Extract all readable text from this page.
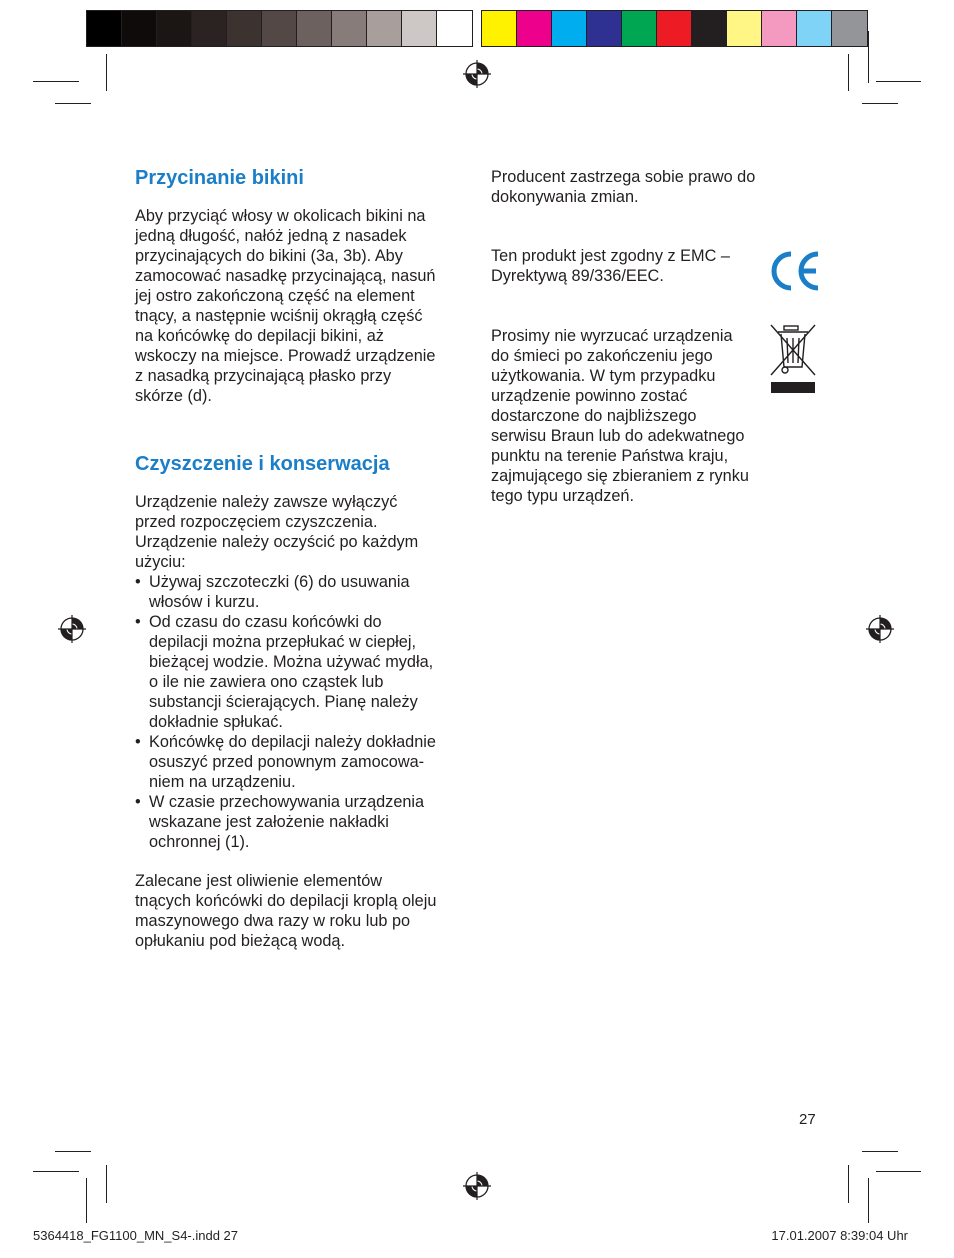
Przycinanie bikini
Aby przyciąć włosy w okolicach bikini na
jedną długość, nałóż jedną z nasadek
przycinających do bikini (3a, 3b). Aby
zamocować nasadkę przycinającą, nasuń
jej ostro zakończoną część na element
tnący, a następnie wciśnij okrągłą część
na końcówkę do depilacji bikini, aż
wskoczy na miejsce. Prowadź urządzenie
z nasadką przycinającą płasko przy
skórze (d).
Czyszczenie i konserwacja
Urządzenie należy zawsze wyłączyć
przed rozpoczęciem czyszczenia.
Urządzenie należy oczyścić po każdym
użyciu:
• Używaj szczoteczki (6) do usuwania
włosów i kurzu.
• Od czasu do czasu końcówki do
depilacji można przepłukać w ciepłej,
bieżącej wodzie. Można używać mydła,
o ile nie zawiera ono cząstek lub
substancji ścierających. Pianę należy
dokładnie spłukać.
• Końcówkę do depilacji należy dokładnie
osuszyć przed ponownym zamocowa-
niem na urządzeniu.
• W czasie przechowywania urządzenia
wskazane jest założenie nakładki
ochronnej (1).
Zalecane jest oliwienie elementów
tnących końcówki do depilacji kroplą oleju
maszynowego dwa razy w roku lub po
opłukaniu pod bieżącą wodą.
Producent zastrzega sobie prawo do
dokonywania zmian.
Ten produkt jest zgodny z EMC –
Dyrektywą 89/336/EEC.
Prosimy nie wyrzucać urządzenia
do śmieci po zakończeniu jego
użytkowania. W tym przypadku
urządzenie powinno zostać
dostarczone do najbliższego
serwisu Braun lub do adekwatnego
punktu na terenie Państwa kraju,
zajmującego się zbieraniem z rynku
tego typu urządzeń.
27
5364418_FG1100_MN_S4-.indd 27	17.01.2007 8:39:04 Uhr
